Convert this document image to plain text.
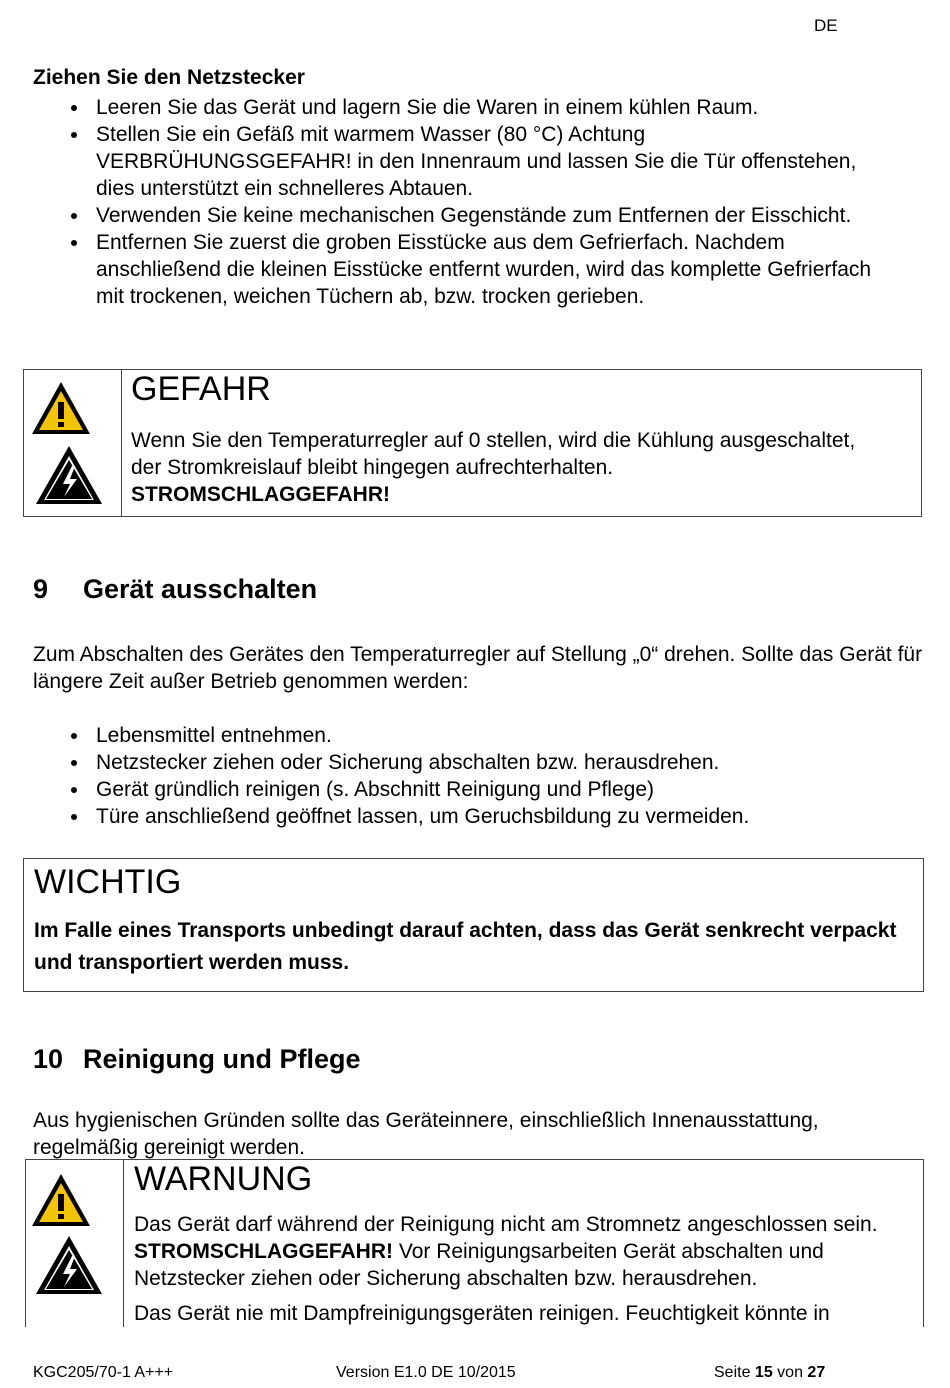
DE
Ziehen Sie den Netzstecker
Leeren Sie das Gerät und lagern Sie die Waren in einem kühlen Raum.
Stellen Sie ein Gefäß mit warmem Wasser (80 °C) Achtung VERBRÜHUNGSGEFAHR! in den Innenraum und lassen Sie die Tür offenstehen, dies unterstützt ein schnelleres Abtauen.
Verwenden Sie keine mechanischen Gegenstände zum Entfernen der Eisschicht.
Entfernen Sie zuerst die groben Eisstücke aus dem Gefrierfach. Nachdem anschließend die kleinen Eisstücke entfernt wurden, wird das komplette Gefrierfach mit trockenen, weichen Tüchern ab, bzw. trocken gerieben.
GEFAHR
Wenn Sie den Temperaturregler auf 0 stellen, wird die Kühlung ausgeschaltet, der Stromkreislauf bleibt hingegen aufrechterhalten.
STROMSCHLAGGEFAHR!
9 Gerät ausschalten
Zum Abschalten des Gerätes den Temperaturregler auf Stellung „0“ drehen. Sollte das Gerät für längere Zeit außer Betrieb genommen werden:
Lebensmittel entnehmen.
Netzstecker ziehen oder Sicherung abschalten bzw. herausdrehen.
Gerät gründlich reinigen (s. Abschnitt Reinigung und Pflege)
Türe anschließend geöffnet lassen, um Geruchsbildung zu vermeiden.
WICHTIG
Im Falle eines Transports unbedingt darauf achten, dass das Gerät senkrecht verpackt und transportiert werden muss.
10 Reinigung und Pflege
Aus hygienischen Gründen sollte das Geräteinnere, einschließlich Innenausstattung, regelmäßig gereinigt werden.
WARNUNG
Das Gerät darf während der Reinigung nicht am Stromnetz angeschlossen sein. STROMSCHLAGGEFAHR! Vor Reinigungsarbeiten Gerät abschalten und Netzstecker ziehen oder Sicherung abschalten bzw. herausdrehen.
Das Gerät nie mit Dampfreinigungsgeräten reinigen. Feuchtigkeit könnte in
KGC205/70-1 A+++	Version E1.0 DE 10/2015	Seite 15 von 27
